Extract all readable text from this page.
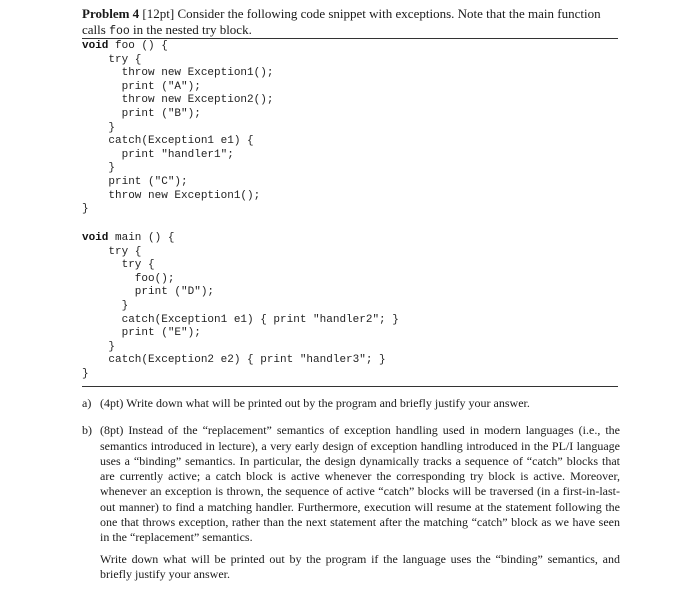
Problem 4 [12pt] Consider the following code snippet with exceptions. Note that the main function calls foo in the nested try block.
void foo () {
try {
throw new Exception1();
print ("A");
throw new Exception2();
print ("B");
}
catch(Exception1 e1) {
print "handler1";
}
print ("C");
throw new Exception1();
}
void main () {
try {
try {
foo();
print ("D");
}
catch(Exception1 e1) { print "handler2"; }
print ("E");
}
catch(Exception2 e2) { print "handler3"; }
}
a) (4pt) Write down what will be printed out by the program and briefly justify your answer.

b) (8pt) Instead of the “replacement” semantics of exception handling used in modern languages (i.e., the semantics introduced in lecture), a very early design of exception handling introduced in the PL/I language uses a “binding” semantics. In particular, the design dynamically tracks a sequence of “catch” blocks that are currently active; a catch block is active whenever the corresponding try block is active. Moreover, whenever an exception is thrown, the sequence of active “catch” blocks will be traversed (in a first-in-last-out manner) to find a matching handler. Furthermore, execution will resume at the statement following the one that throws exception, rather than the next statement after the matching “catch” block as we have seen in the “replacement” semantics.

Write down what will be printed out by the program if the language uses the “binding” semantics, and briefly justify your answer.
